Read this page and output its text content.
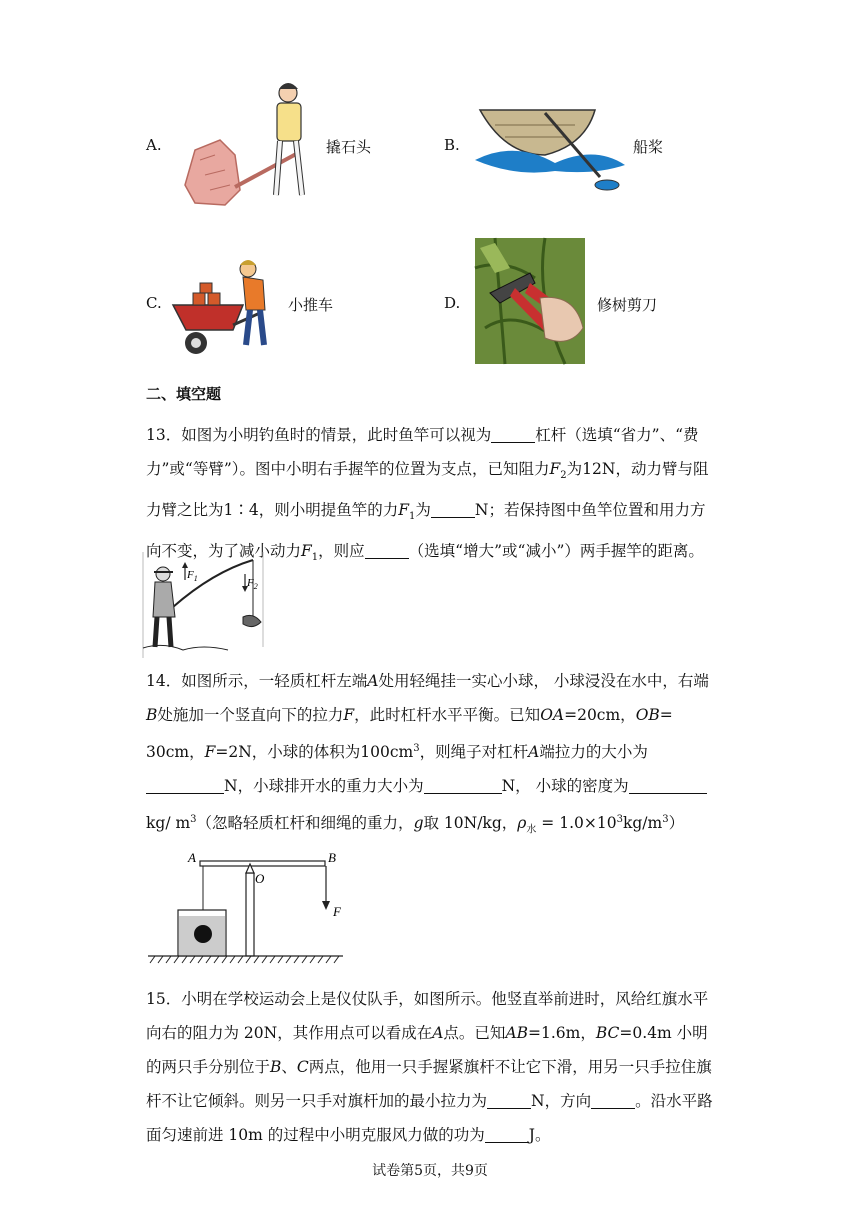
A.	撬石头	B.	船桨
C.	小推车	D.	修树剪刀
二、填空题
13．如图为小明钓鱼时的情景，此时鱼竿可以视为	杠杆（选填“省力”、“费力”或“等臂”）。图中小明右手握竿的位置为支点，已知阻力$F_2$为12N，动力臂与阻力臂之比为1∶4，则小明提鱼竿的力$F_1$为	N；若保持图中鱼竿位置和用力方向不变，为了减小动力$F_1$，则应	（选填“增大”或“减小”）两手握竿的距离。
$F_2$
$F_1$
14．如图所示，一轻质杠杆左端A处用轻绳挂一实心小球， 小球浸没在水中，右端B处施加一个竖直向下的拉力F，此时杠杆水平平衡。已知OA=20cm，OB= 30cm，F=2N，小球的体积为$100cm^3$，则绳子对杠杆A端拉力的大小为N，小球排开水的重力大小为	N， 小球的密度为kg/ $m^3$（忽略轻质杠杆和细绳的重力，g取 10N/kg，$\rho_水 = 1.0\times 10^3kg/m^3$）
A	B
O
F
15．小明在学校运动会上是仪仗队手，如图所示。他竖直举前进时，风给红旗水平向右的阻力为 20N，其作用点可以看成在A点。已知AB=1.6m，BC=0.4m 小明的两只手分别位于B、C两点，他用一只手握紧旗杆不让它下滑，用另一只手拉住旗杆不让它倾斜。则另一只手对旗杆加的最小拉力为	N，方向	。沿水平路面匀速前进 10m 的过程中小明克服风力做的功为	J。
试卷第5页，共9页
